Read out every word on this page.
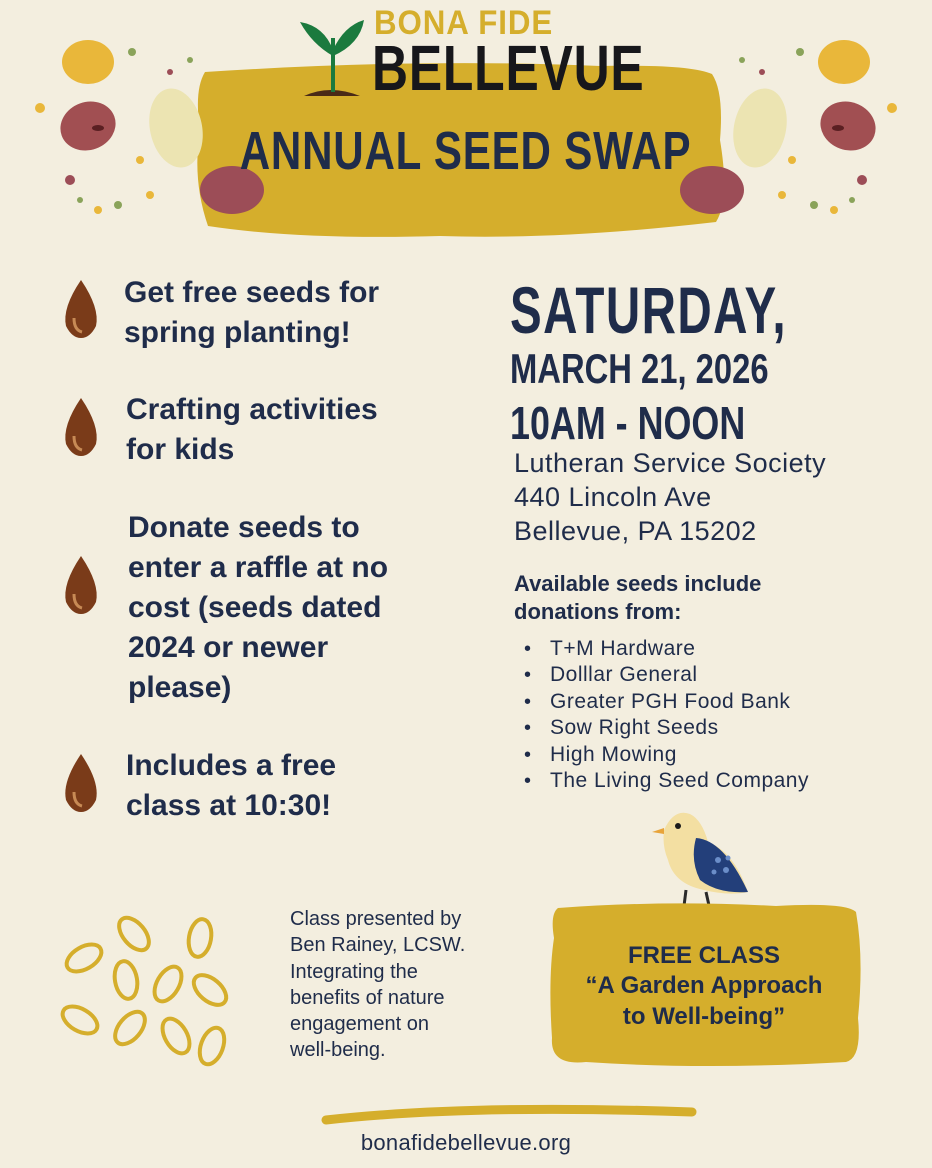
BONA FIDE
BELLEVUE
ANNUAL SEED SWAP
Get free seeds for
spring planting!
Crafting activities
for kids
Donate seeds to
enter a raffle at no
cost (seeds dated
2024 or newer
please)
Includes a free
class at 10:30!
SATURDAY,
MARCH 21, 2026
10AM - NOON
Lutheran Service Society
440 Lincoln Ave
Bellevue, PA 15202
Available seeds include
donations from:
• T+M Hardware
• Dolllar General
• Greater PGH Food Bank
• Sow Right Seeds
• High Mowing
• The Living Seed Company
Class presented by
Ben Rainey, LCSW.
Integrating the
benefits of nature
engagement on
well-being.
FREE CLASS
“A Garden Approach
to Well-being”
bonafidebellevue.org
